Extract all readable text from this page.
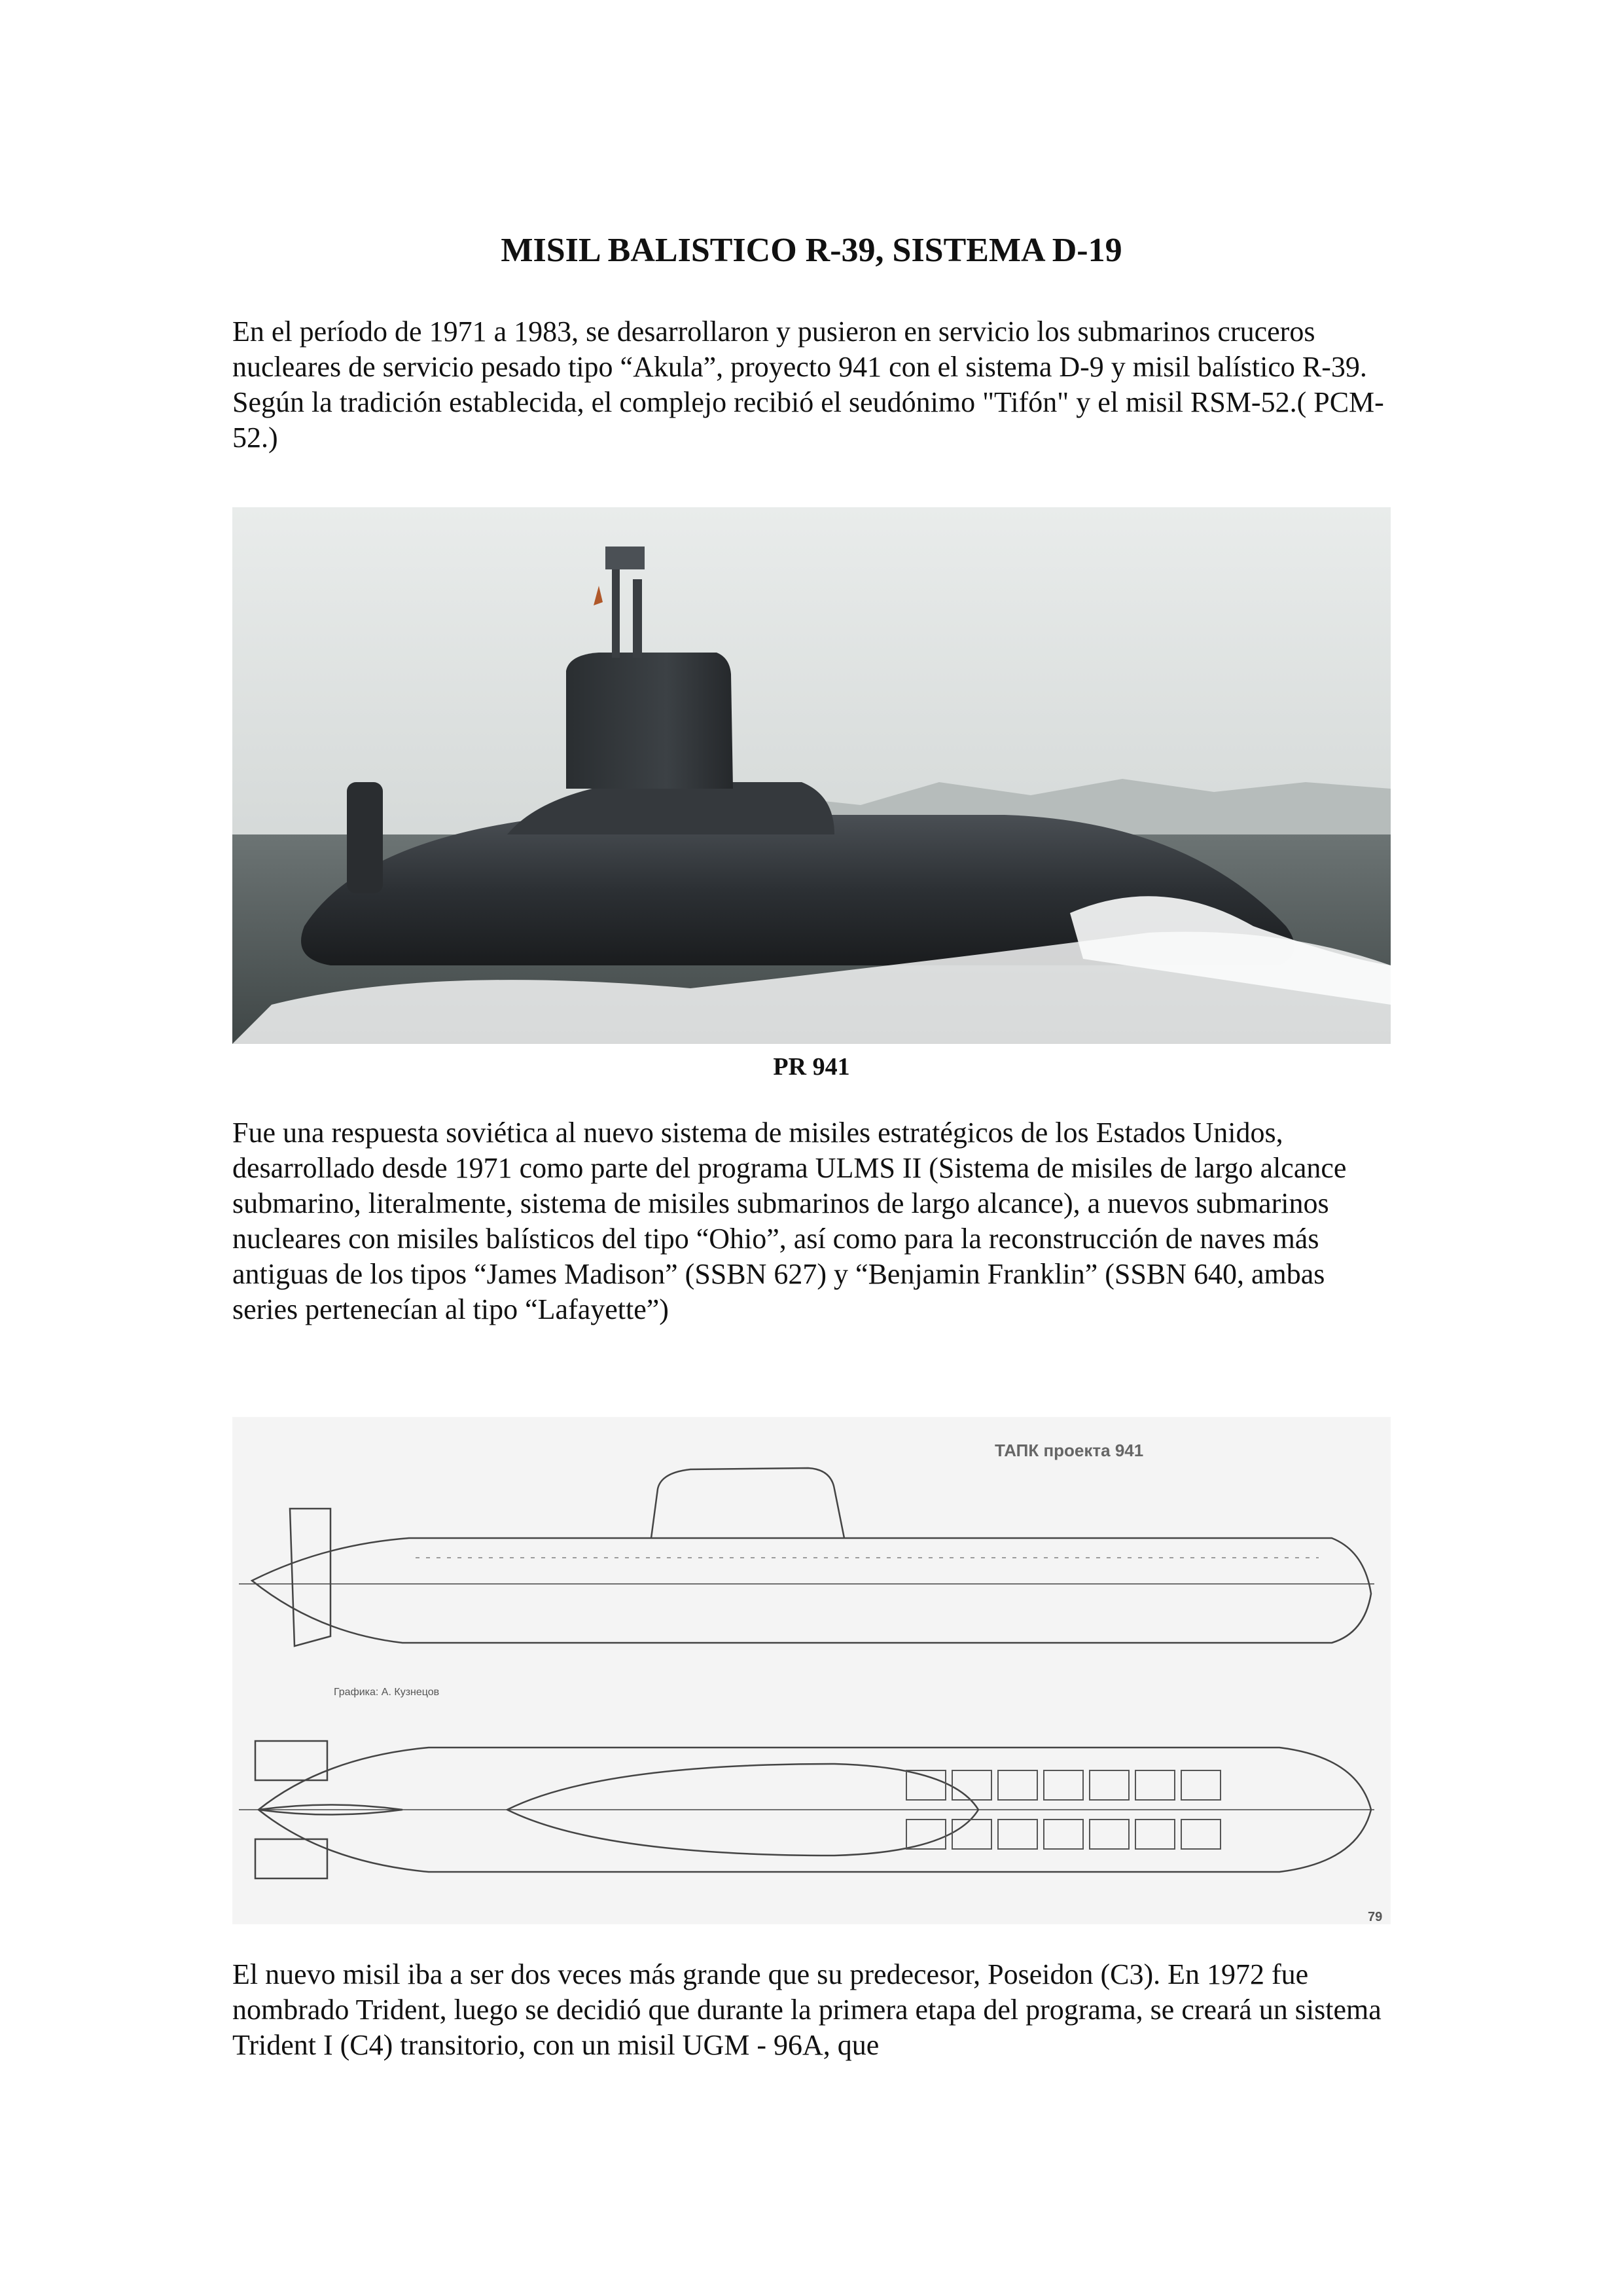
MISIL BALISTICO R-39, SISTEMA D-19

En el período de 1971 a 1983, se desarrollaron y pusieron en servicio los submarinos cruceros nucleares de servicio pesado tipo “Akula”, proyecto 941 con el sistema D-9 y misil balístico R-39. Según la tradición establecida, el complejo recibió el seudónimo "Tifón" y el misil RSM-52.( PCM-52.)

PR 941

Fue una respuesta soviética al nuevo sistema de misiles estratégicos de los Estados Unidos, desarrollado desde 1971 como parte del programa ULMS II (Sistema de misiles de largo alcance submarino, literalmente, sistema de misiles submarinos de largo alcance), a nuevos submarinos nucleares con misiles balísticos del tipo “Ohio”, así como para la reconstrucción de naves más antiguas de los tipos “James Madison” (SSBN 627) y “Benjamin Franklin” (SSBN 640, ambas series pertenecían al tipo “Lafayette”)

ТАПК проекта 941
Графика: А. Кузнецов
79

El nuevo misil iba a ser dos veces más grande que su predecesor, Poseidon (C3). En 1972 fue nombrado Trident, luego se decidió que durante la primera etapa del programa, se creará un sistema Trident I (C4) transitorio, con un misil UGM - 96A, que
